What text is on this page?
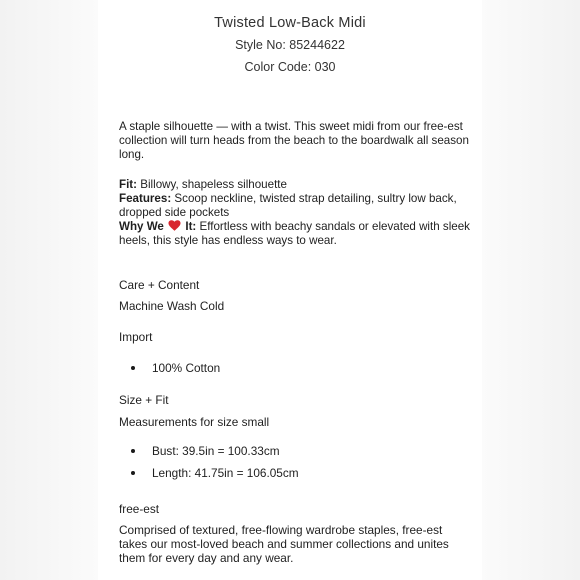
Twisted Low-Back Midi
Style No: 85244622
Color Code: 030

A staple silhouette — with a twist. This sweet midi from our free-est collection will turn heads from the beach to the boardwalk all season long.

Fit: Billowy, shapeless silhouette

Features: Scoop neckline, twisted strap detailing, sultry low back, dropped side pockets

Why We It: Effortless with beachy sandals or elevated with sleek heels, this style has endless ways to wear.

Care + Content

Machine Wash Cold

Import

100% Cotton

Size + Fit

Measurements for size small

Bust: 39.5in = 100.33cm
Length: 41.75in = 106.05cm

free-est

Comprised of textured, free-flowing wardrobe staples, free-est takes our most-loved beach and summer collections and unites them for every day and any wear.
